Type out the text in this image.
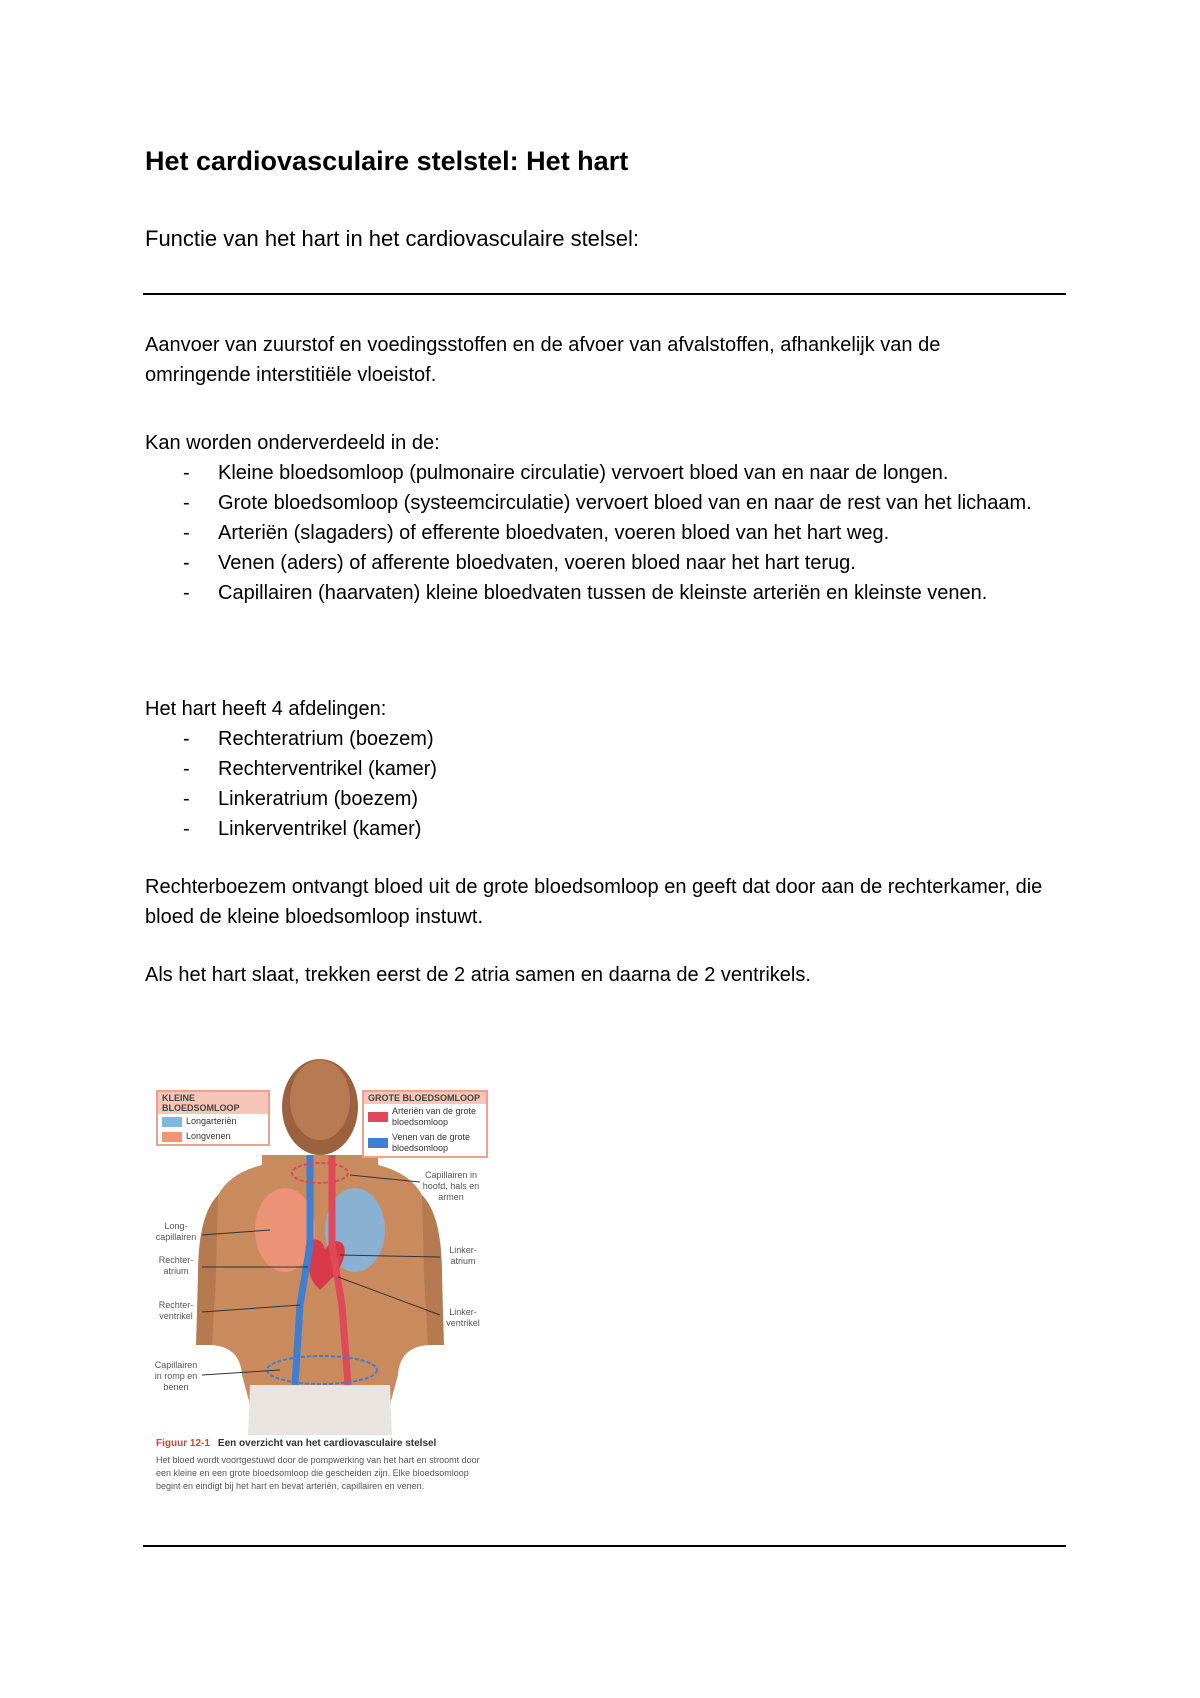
Het cardiovasculaire stelstel: Het hart

Functie van het hart in het cardiovasculaire stelsel:

Aanvoer van zuurstof en voedingsstoffen en de afvoer van afvalstoffen, afhankelijk van de omringende interstitiële vloeistof.

Kan worden onderverdeeld in de:

- Kleine bloedsomloop (pulmonaire circulatie) vervoert bloed van en naar de longen.
- Grote bloedsomloop (systeemcirculatie) vervoert bloed van en naar de rest van het lichaam.
- Arteriën (slagaders) of efferente bloedvaten, voeren bloed van het hart weg.
- Venen (aders) of afferente bloedvaten, voeren bloed naar het hart terug.
- Capillairen (haarvaten) kleine bloedvaten tussen de kleinste arteriën en kleinste venen.

Het hart heeft 4 afdelingen:

- Rechteratrium (boezem)
- Rechterventrikel (kamer)
- Linkeratrium (boezem)
- Linkerventrikel (kamer)

Rechterboezem ontvangt bloed uit de grote bloedsomloop en geeft dat door aan de rechterkamer, die bloed de kleine bloedsomloop instuwt.

Als het hart slaat, trekken eerst de 2 atria samen en daarna de 2 ventrikels.

KLEINE BLOEDSOMLOOP
Longarteriën
Longvenen
GROTE BLOEDSOMLOOP
Arteriën van de grote bloedsomloop
Venen van de grote bloedsomloop
Long-capillairen
Rechter-atrium
Rechter-ventrikel
Capillairen in romp en benen
Capillairen in hoofd, hals en armen
Linker-atrium
Linker-ventrikel
Figuur 12-1 Een overzicht van het cardiovasculaire stelsel
Het bloed wordt voortgestuwd door de pompwerking van het hart en stroomt door een kleine en een grote bloedsomloop die gescheiden zijn. Elke bloedsomloop begint en eindigt bij het hart en bevat arteriën, capillairen en venen.
